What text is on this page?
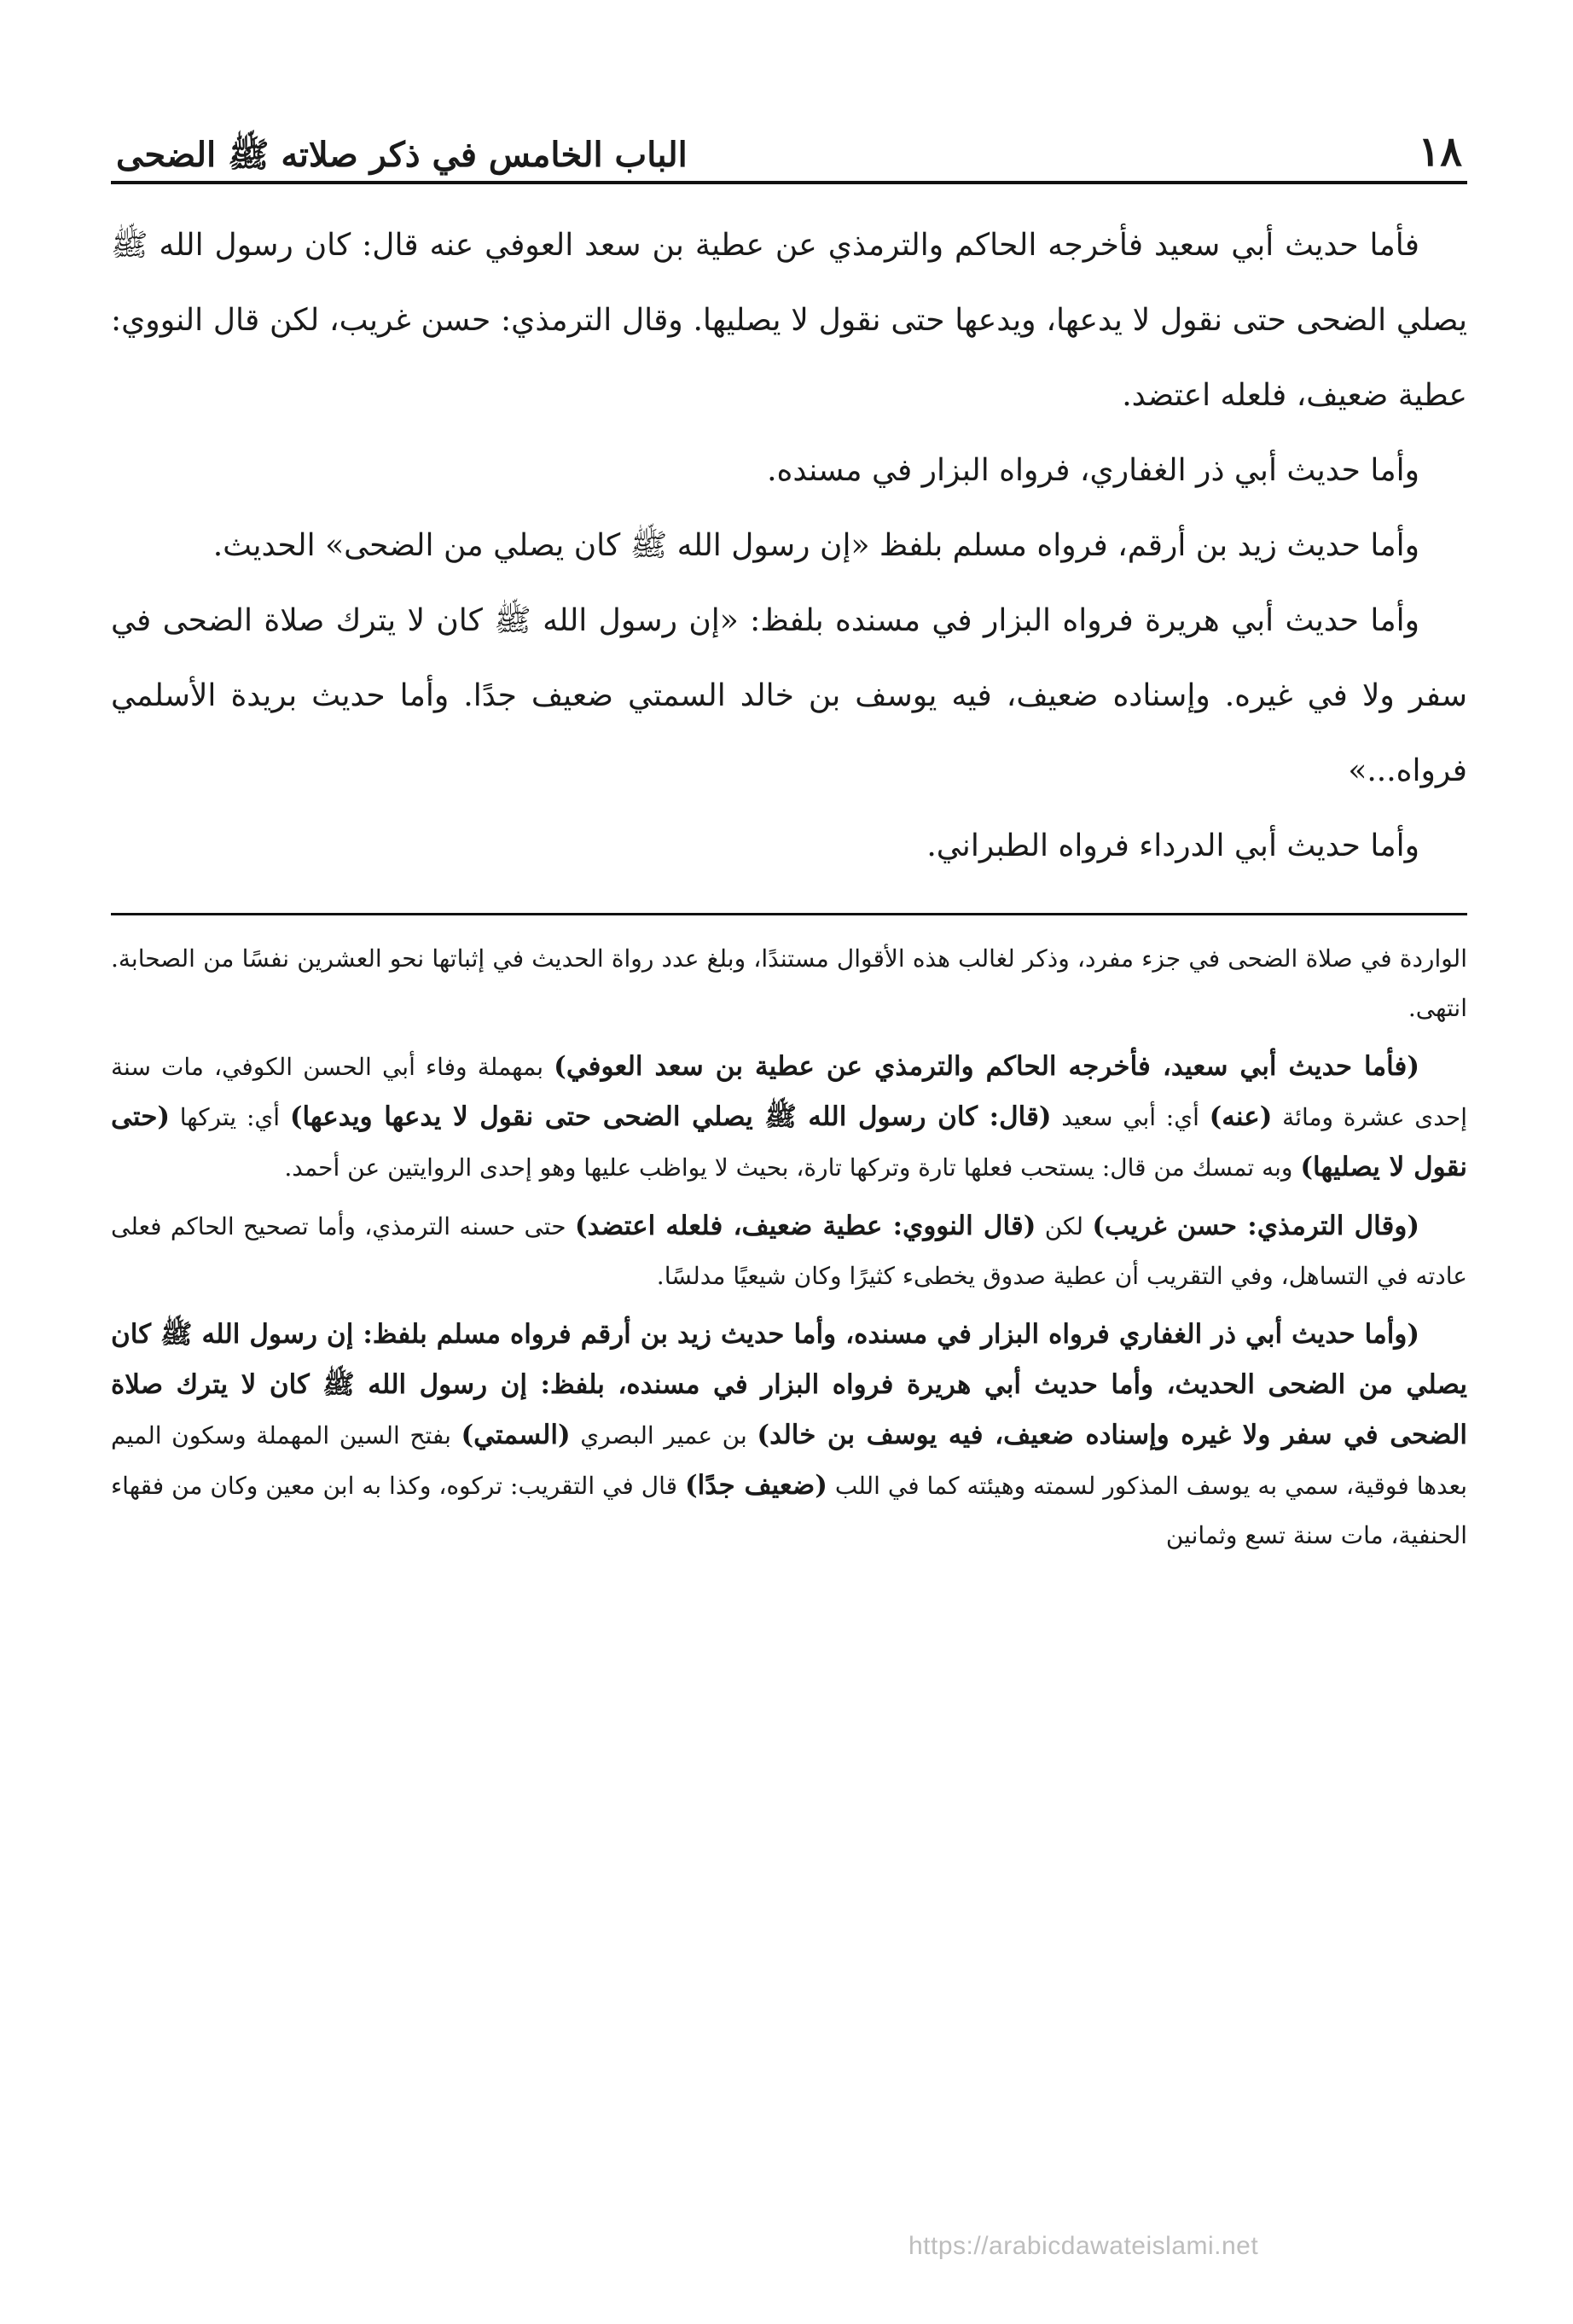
١٨
الباب الخامس في ذكر صلاته ﷺ الضحى

فأما حديث أبي سعيد فأخرجه الحاكم والترمذي عن عطية بن سعد العوفي عنه قال: كان رسول الله ﷺ يصلي الضحى حتى نقول لا يدعها، ويدعها حتى نقول لا يصليها. وقال الترمذي: حسن غريب، لكن قال النووي: عطية ضعيف، فلعله اعتضد.

وأما حديث أبي ذر الغفاري، فرواه البزار في مسنده.

وأما حديث زيد بن أرقم، فرواه مسلم بلفظ «إن رسول الله ﷺ كان يصلي من الضحى» الحديث.

وأما حديث أبي هريرة فرواه البزار في مسنده بلفظ: «إن رسول الله ﷺ كان لا يترك صلاة الضحى في سفر ولا في غيره. وإسناده ضعيف، فيه يوسف بن خالد السمتي ضعيف جدًا. وأما حديث بريدة الأسلمي فرواه...»

وأما حديث أبي الدرداء فرواه الطبراني.

الواردة في صلاة الضحى في جزء مفرد، وذكر لغالب هذه الأقوال مستندًا، وبلغ عدد رواة الحديث في إثباتها نحو العشرين نفسًا من الصحابة. انتهى.

(فأما حديث أبي سعيد، فأخرجه الحاكم والترمذي عن عطية بن سعد العوفي) بمهملة وفاء أبي الحسن الكوفي، مات سنة إحدى عشرة ومائة (عنه) أي: أبي سعيد (قال: كان رسول الله ﷺ يصلي الضحى حتى نقول لا يدعها ويدعها) أي: يتركها (حتى نقول لا يصليها) وبه تمسك من قال: يستحب فعلها تارة وتركها تارة، بحيث لا يواظب عليها وهو إحدى الروايتين عن أحمد.

(وقال الترمذي: حسن غريب) لكن (قال النووي: عطية ضعيف، فلعله اعتضد) حتى حسنه الترمذي، وأما تصحيح الحاكم فعلى عادته في التساهل، وفي التقريب أن عطية صدوق يخطىء كثيرًا وكان شيعيًا مدلسًا.

(وأما حديث أبي ذر الغفاري فرواه البزار في مسنده، وأما حديث زيد بن أرقم فرواه مسلم بلفظ: إن رسول الله ﷺ كان يصلي من الضحى الحديث، وأما حديث أبي هريرة فرواه البزار في مسنده، بلفظ: إن رسول الله ﷺ كان لا يترك صلاة الضحى في سفر ولا غيره وإسناده ضعيف، فيه يوسف بن خالد) بن عمير البصري (السمتي) بفتح السين المهملة وسكون الميم بعدها فوقية، سمي به يوسف المذكور لسمته وهيئته كما في اللب (ضعيف جدًا) قال في التقريب: تركوه، وكذا به ابن معين وكان من فقهاء الحنفية، مات سنة تسع وثمانين

https://arabicdawateislami.net
